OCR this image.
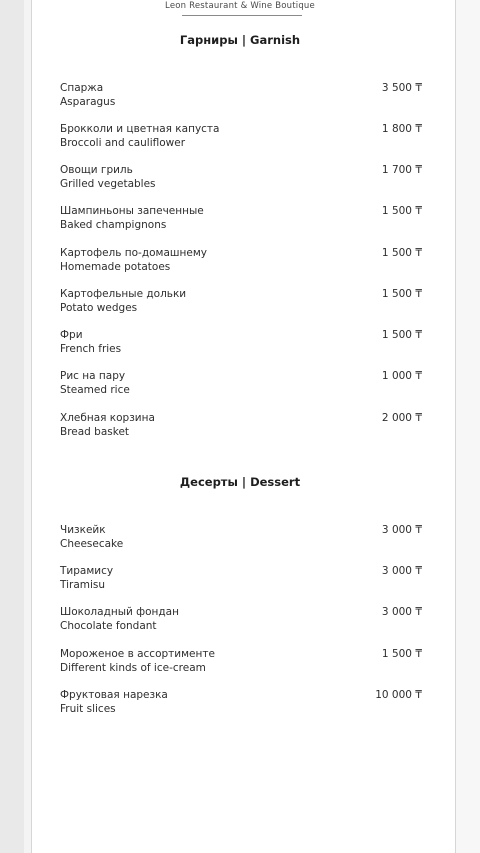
Leon Restaurant & Wine Boutique
Гарниры | Garnish
Спаржа
Asparagus
3 500 ₸
Брокколи и цветная капуста
Broccoli and cauliflower
1 800 ₸
Овощи гриль
Grilled vegetables
1 700 ₸
Шампиньоны запеченные
Baked champignons
1 500 ₸
Картофель по-домашнему
Homemade potatoes
1 500 ₸
Картофельные дольки
Potato wedges
1 500 ₸
Фри
French fries
1 500 ₸
Рис на пару
Steamed rice
1 000 ₸
Хлебная корзина
Bread basket
2 000 ₸
Десерты | Dessert
Чизкейк
Cheesecake
3 000 ₸
Тирамису
Tiramisu
3 000 ₸
Шоколадный фондан
Chocolate fondant
3 000 ₸
Мороженое в ассортименте
Different kinds of ice-cream
1 500 ₸
Фруктовая нарезка
Fruit slices
10 000 ₸
